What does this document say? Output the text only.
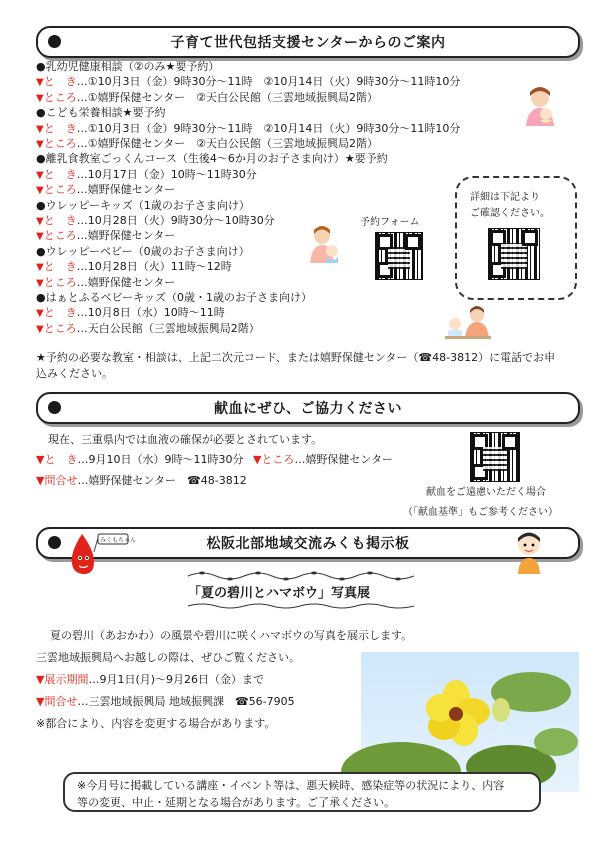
子育て世代包括支援センターからのご案内
●乳幼児健康相談（②のみ★要予約）
▼と　き…①10月3日（金）9時30分～11時　②10月14日（火）9時30分～11時10分
▼ところ…①嬉野保健センター　②天白公民館（三雲地域振興局2階）
●こども栄養相談★要予約
▼と　き…①10月3日（金）9時30分～11時　②10月14日（火）9時30分～11時10分
▼ところ…①嬉野保健センター　②天白公民館（三雲地域振興局2階）
●離乳食教室ごっくんコース（生後4～6か月のお子さま向け）★要予約
▼と　き…10月17日（金）10時～11時30分
▼ところ…嬉野保健センター
●ウレッピーキッズ（1歳のお子さま向け）
▼と　き…10月28日（火）9時30分～10時30分
▼ところ…嬉野保健センター
●ウレッピーベビー（0歳のお子さま向け）
▼と　き…10月28日（火）11時～12時
▼ところ…嬉野保健センター
●はぁとふるベビーキッズ（0歳・1歳のお子さま向け）
▼と　き…10月8日（水）10時～11時
▼ところ…天白公民館（三雲地域振興局2階）
予約フォーム
詳細は下記より
ご確認ください。
★予約の必要な教室・相談は、上記二次元コード、または嬉野保健センター（☎48-3812）に電話でお申
込みください。
献血にぜひ、ご協力ください
現在、三重県内では血液の確保が必要とされています。
▼と　き…9月10日（水）9時～11時30分 ▼ところ…嬉野保健センター
▼問合せ…嬉野保健センター　☎48-3812
献血をご遠慮いただく場合
（「献血基準」もご参考ください）
松阪北部地域交流みくも掲示板
みくもちゃん
「夏の碧川とハマボウ」写真展
夏の碧川（あおかわ）の風景や碧川に咲くハマボウの写真を展示します。
三雲地域振興局へお越しの際は、ぜひご覧ください。
▼展示期間…9月1日(月)～9月26日（金）まで
▼問合せ…三雲地域振興局 地域振興課　☎56-7905
※都合により、内容を変更する場合があります。
※今月号に掲載している講座・イベント等は、悪天候時、感染症等の状況により、内容
等の変更、中止・延期となる場合があります。ご了承ください。
